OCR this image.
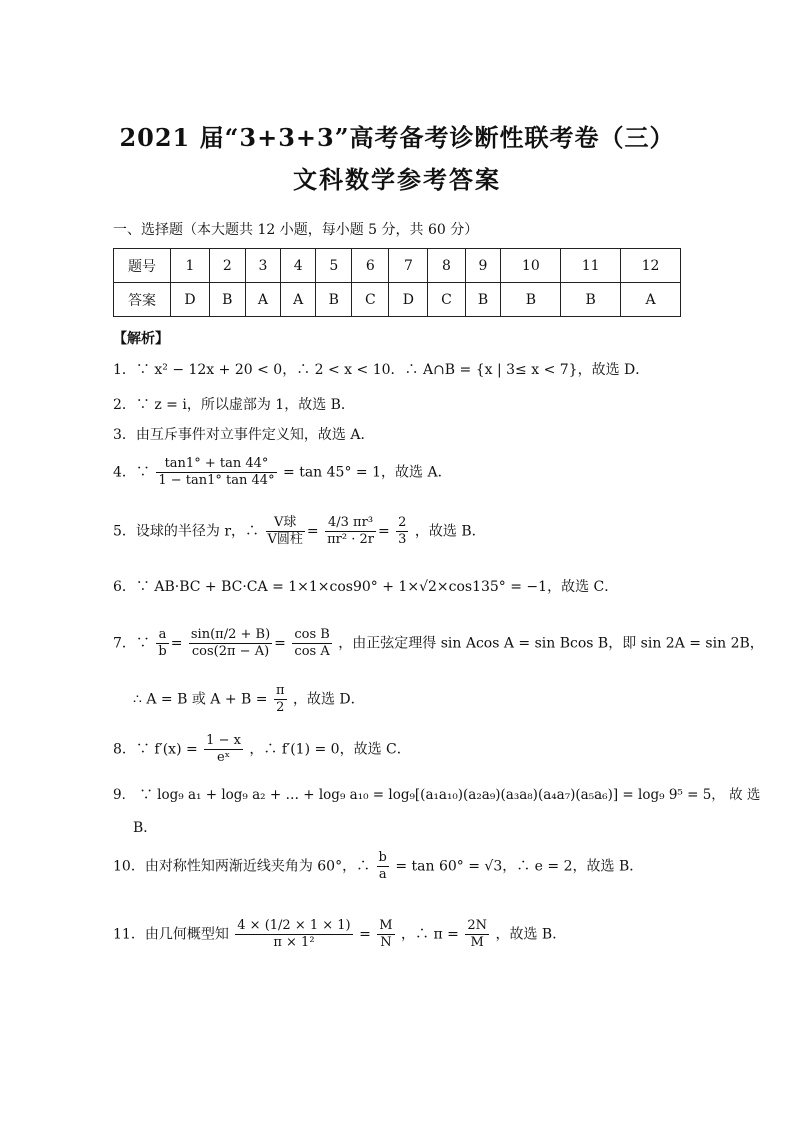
2021 届“3+3+3”高考备考诊断性联考卷（三）
文科数学参考答案
一、选择题（本大题共 12 小题，每小题 5 分，共 60 分）
题号	1	2	3	4	5	6	7	8	9	10	11	12
答案	D	B	A	A	B	C	D	C	B	B	B	A
【解析】
1．∵ x² − 12x + 20 < 0，∴ 2 < x < 10．∴ A∩B = {x | 3≤ x < 7}，故选 D．
2．∵ z = i，所以虚部为 1，故选 B．
3．由互斥事件对立事件定义知，故选 A．
4．∵ $\frac{\tan 1^\circ + \tan 44^\circ}{1 - \tan 1^\circ \tan 44^\circ} = \tan 45^\circ = 1$，故选 A．
5．设球的半径为 r，∴ $\frac{\text{V球}}{\text{V圆柱}} = \frac{\text{4/3 πr³}}{\text{πr² · 2r}} = \frac{2}{3}$ ，故选 B．
6．∵ AB·BC + BC·CA = 1×1×cos90° + 1×√2×cos135° = −1，故选 C．
7．∵ $\frac{a}{b} = \frac{\sin(\pi/2 + B)}{\cos(2\pi - A)} = \frac{\text{cos B}}{\text{cos A}}$ ，由正弦定理得 sin Acos A = sin Bcos B，即 sin 2A = sin 2B，
∴ A = B 或 $A + B = \frac{\pi}{2}$ ，故选 D．
8．∵ $f'(x) = \frac{1 - x}{\text{eˣ}}$ ，∴ f′(1) = 0，故选 C．
9． ∵ log₉ a₁ + log₉ a₂ + … + log₉ a₁₀ = log₉[(a₁a₁₀)(a₂a₉)(a₃a₈)(a₄a₇)(a₅a₆)] = log₉ 9⁵ = 5， 故 选
B．
10．由对称性知两渐近线夹角为 60°，∴ $\frac{b}{a} = \tan 60^\circ = √3$，∴ e = 2，故选 B．
11．由几何概型知 $\frac{4 \times (1/2 \times 1 \times 1)}{\text{π × 1²}} = \frac{M}{N}$ ，∴ $\pi = \frac{2N}{M}$ ，故选 B．
